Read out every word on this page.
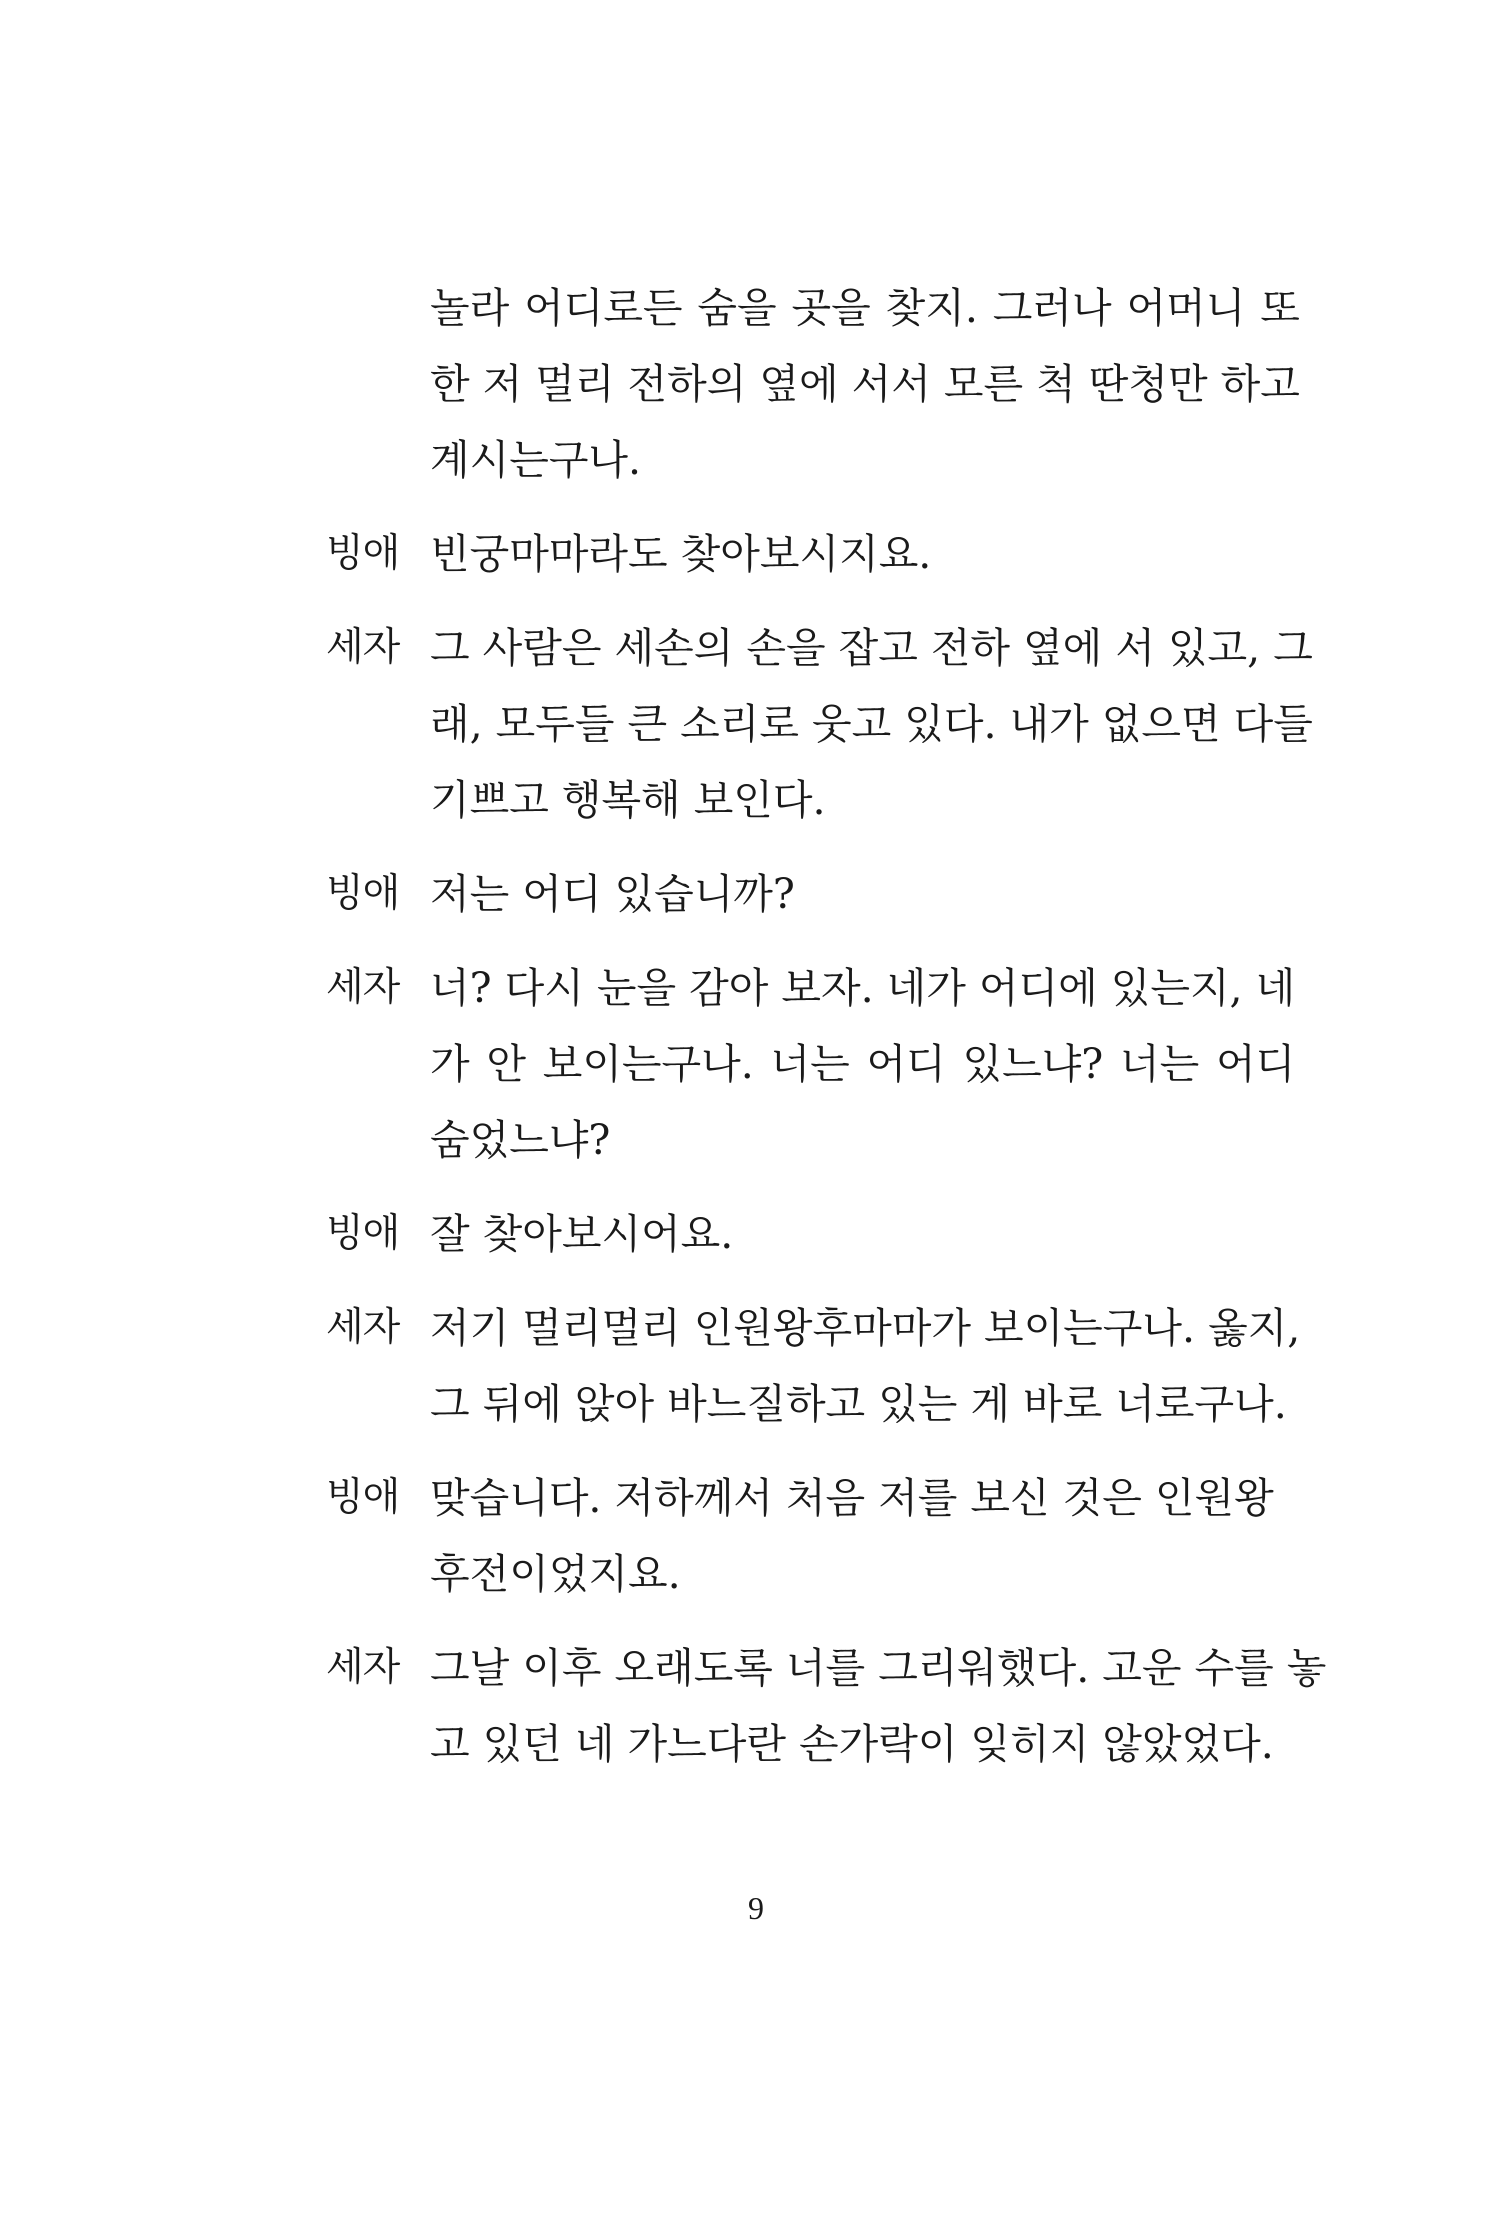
놀라 어디로든 숨을 곳을 찾지. 그러나 어머니 또
한 저 멀리 전하의 옆에 서서 모른 척 딴청만 하고
계시는구나.
빙애 빈궁마마라도 찾아보시지요.
세자 그 사람은 세손의 손을 잡고 전하 옆에 서 있고, 그
래, 모두들 큰 소리로 웃고 있다. 내가 없으면 다들
기쁘고 행복해 보인다.
빙애 저는 어디 있습니까?
세자 너? 다시 눈을 감아 보자. 네가 어디에 있는지, 네
가 안 보이는구나. 너는 어디 있느냐? 너는 어디
숨었느냐?
빙애 잘 찾아보시어요.
세자 저기 멀리멀리 인원왕후마마가 보이는구나. 옳지,
그 뒤에 앉아 바느질하고 있는 게 바로 너로구나.
빙애 맞습니다. 저하께서 처음 저를 보신 것은 인원왕
후전이었지요.
세자 그날 이후 오래도록 너를 그리워했다. 고운 수를 놓
고 있던 네 가느다란 손가락이 잊히지 않았었다.
9
